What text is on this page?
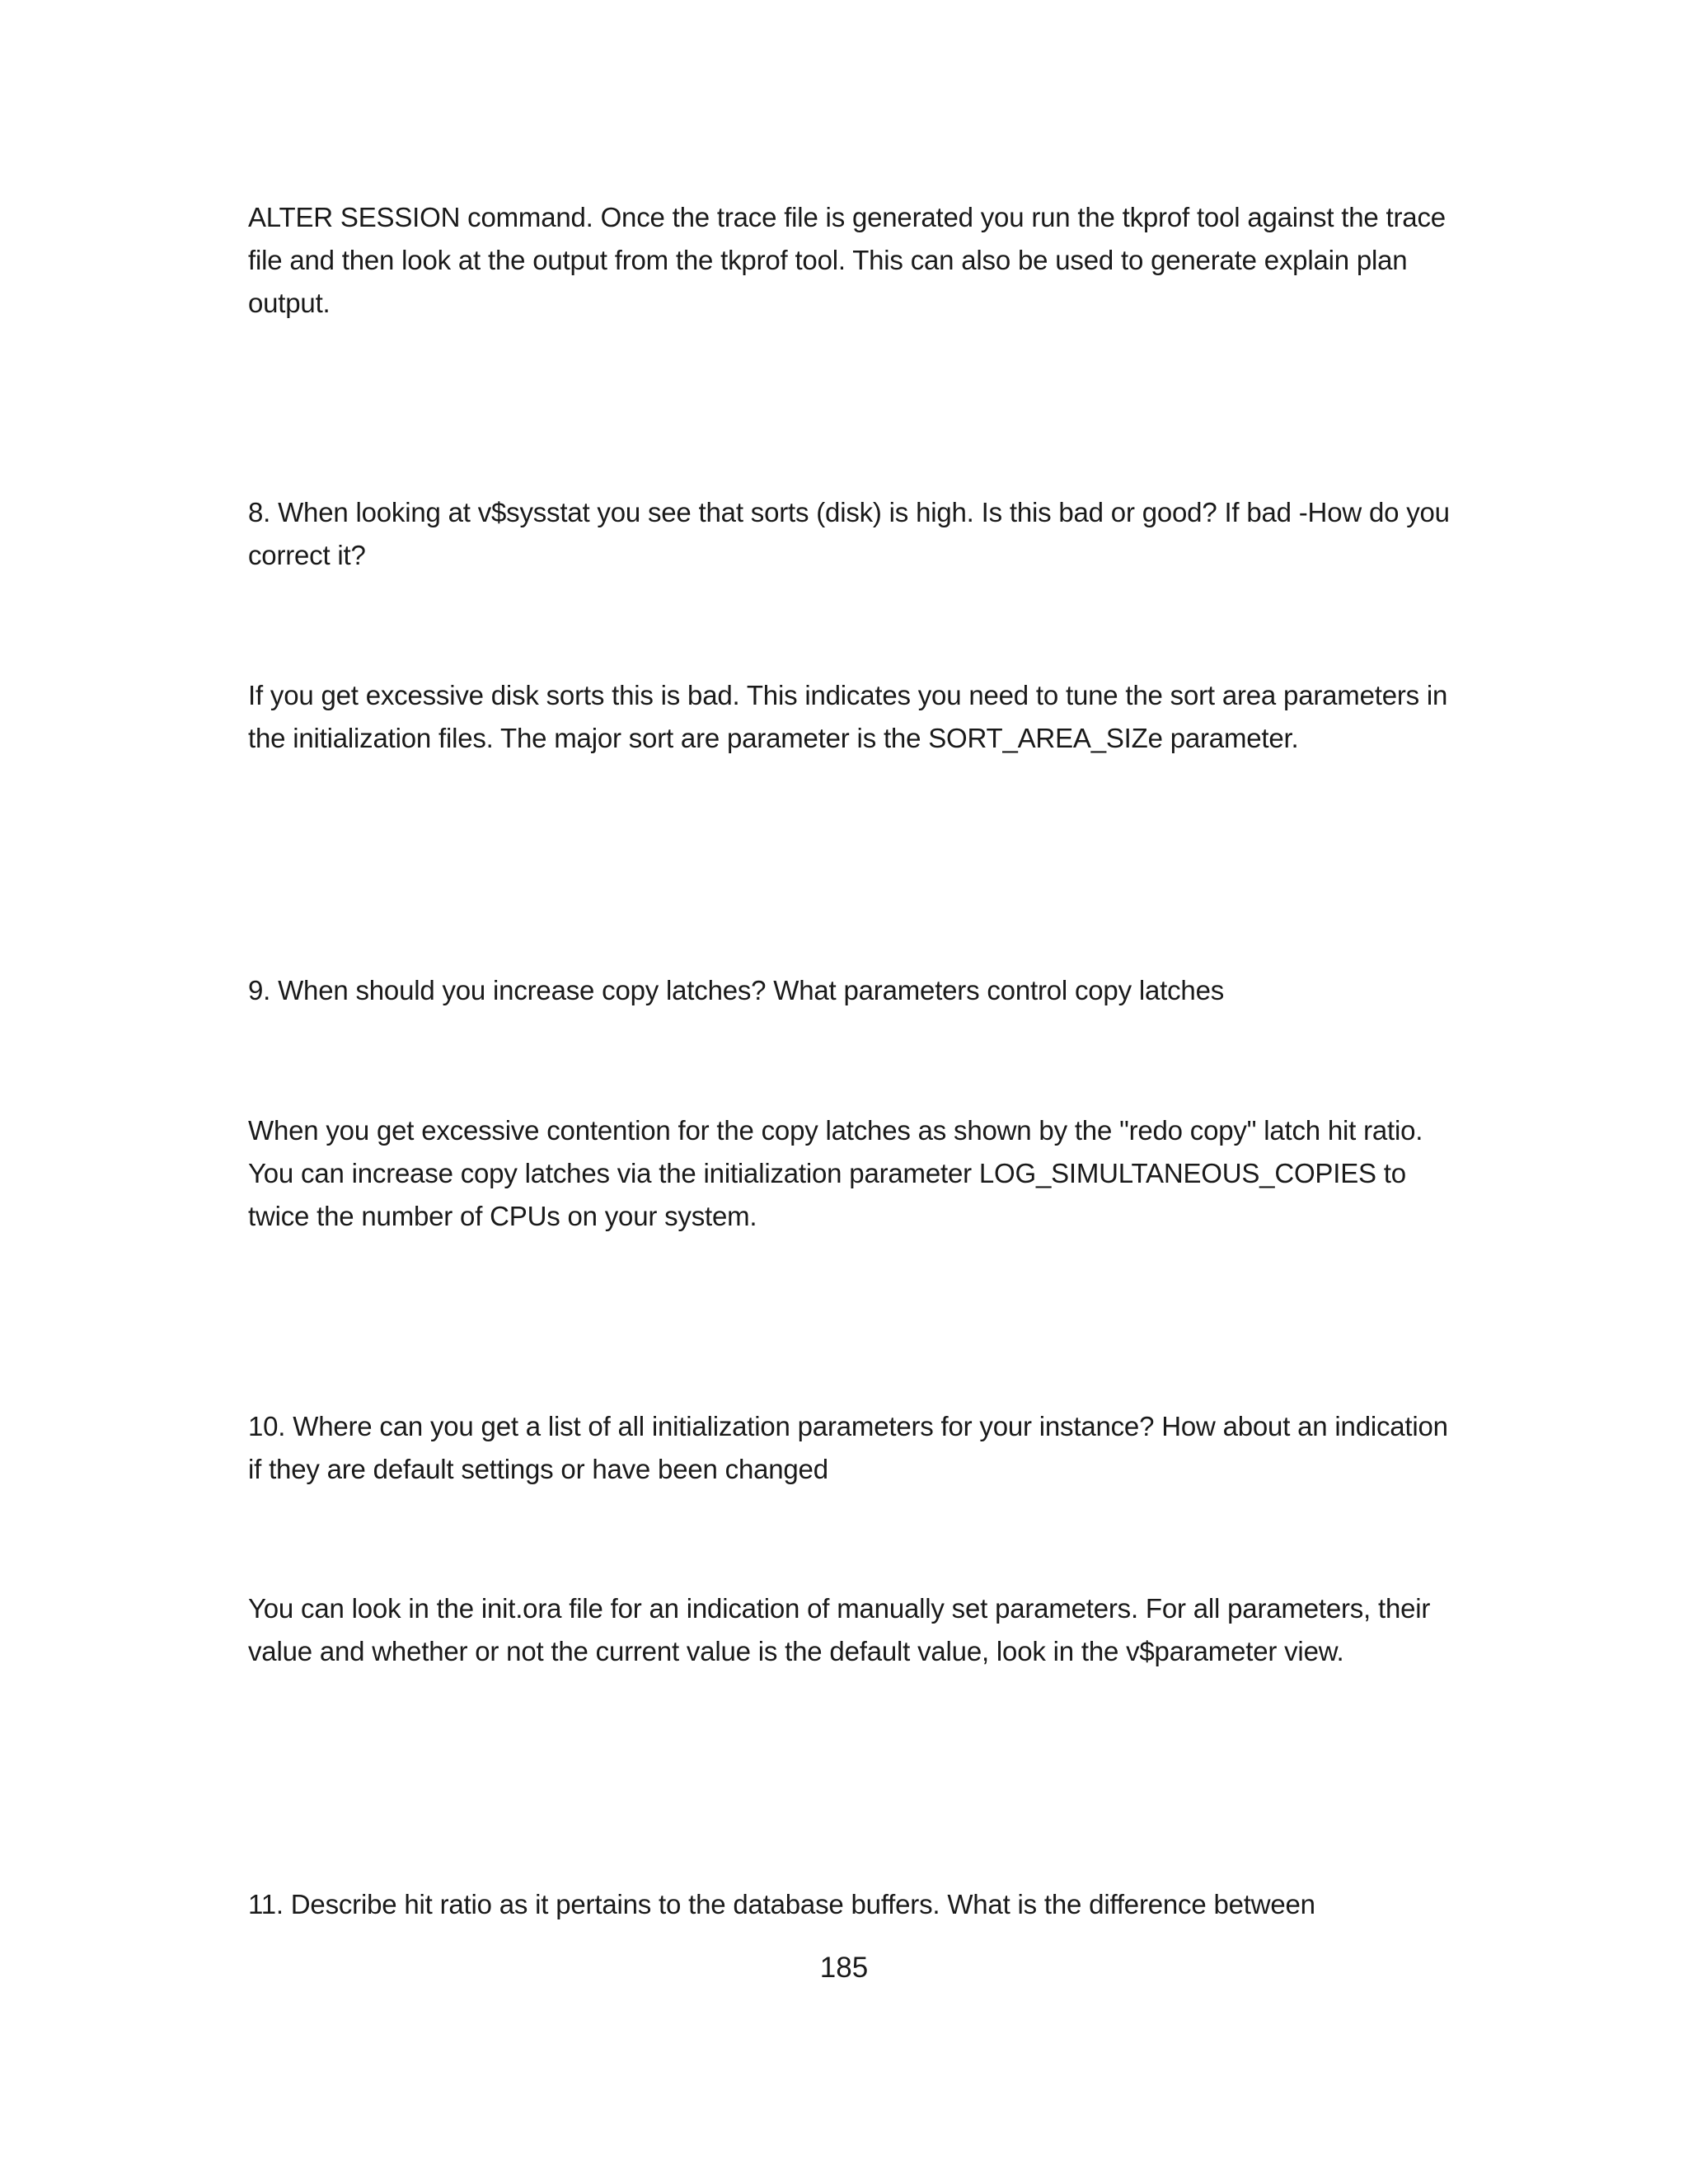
ALTER SESSION command. Once the trace file is generated you run the tkprof tool against the trace file and then look at the output from the tkprof tool. This can also be used to generate explain plan output.

8. When looking at v$sysstat you see that sorts (disk) is high. Is this bad or good? If bad -How do you correct it?

If you get excessive disk sorts this is bad. This indicates you need to tune the sort area parameters in the initialization files. The major sort are parameter is the SORT_AREA_SIZe parameter.

9. When should you increase copy latches? What parameters control copy latches

When you get excessive contention for the copy latches as shown by the "redo copy" latch hit ratio. You can increase copy latches via the initialization parameter LOG_SIMULTANEOUS_COPIES to twice the number of CPUs on your system.

10. Where can you get a list of all initialization parameters for your instance? How about an indication if they are default settings or have been changed

You can look in the init.ora file for an indication of manually set parameters. For all parameters, their value and whether or not the current value is the default value, look in the v$parameter view.

11. Describe hit ratio as it pertains to the database buffers. What is the difference between

185
